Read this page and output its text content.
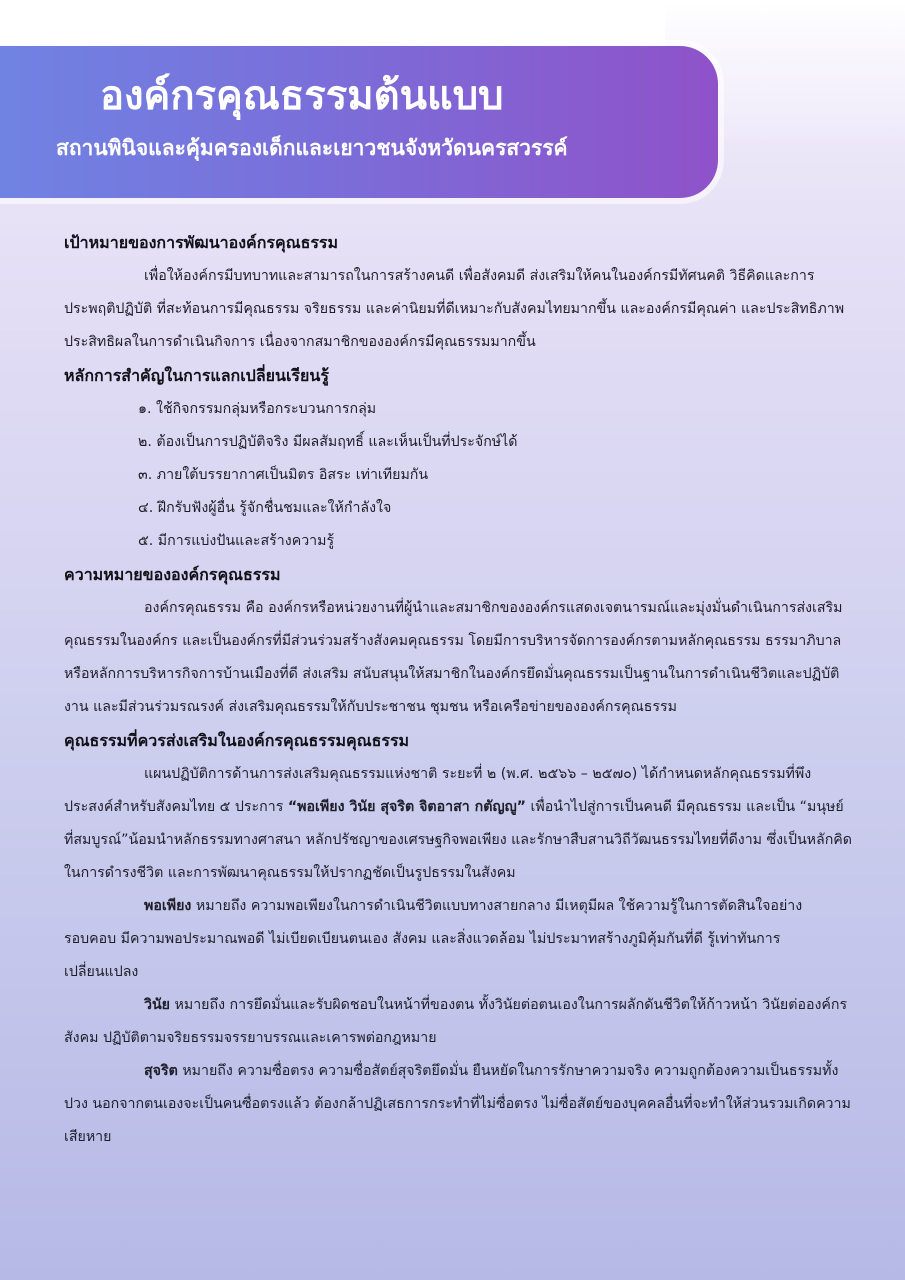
องค์กรคุณธรรมต้นแบบ
สถานพินิจและคุ้มครองเด็กและเยาวชนจังหวัดนครสวรรค์
เป้าหมายของการพัฒนาองค์กรคุณธรรม

เพื่อให้องค์กรมีบทบาทและสามารถในการสร้างคนดี เพื่อสังคมดี ส่งเสริมให้คนในองค์กรมีทัศนคติ วิธีคิดและการประพฤติปฏิบัติ ที่สะท้อนการมีคุณธรรม จริยธรรม และค่านิยมที่ดีเหมาะกับสังคมไทยมากขึ้น และองค์กรมีคุณค่า และประสิทธิภาพ ประสิทธิผลในการดำเนินกิจการ เนื่องจากสมาชิกขององค์กรมีคุณธรรมมากขึ้น

หลักการสำคัญในการแลกเปลี่ยนเรียนรู้
๑. ใช้กิจกรรมกลุ่มหรือกระบวนการกลุ่ม
๒. ต้องเป็นการปฏิบัติจริง มีผลสัมฤทธิ์ และเห็นเป็นที่ประจักษ์ได้
๓. ภายใต้บรรยากาศเป็นมิตร อิสระ เท่าเทียมกัน
๔. ฝึกรับฟังผู้อื่น รู้จักชื่นชมและให้กำลังใจ
๕. มีการแบ่งปันและสร้างความรู้
ความหมายขององค์กรคุณธรรม

องค์กรคุณธรรม คือ องค์กรหรือหน่วยงานที่ผู้นำและสมาชิกขององค์กรแสดงเจตนารมณ์และมุ่งมั่นดำเนินการส่งเสริมคุณธรรมในองค์กร และเป็นองค์กรที่มีส่วนร่วมสร้างสังคมคุณธรรม โดยมีการบริหารจัดการองค์กรตามหลักคุณธรรม ธรรมาภิบาล หรือหลักการบริหารกิจการบ้านเมืองที่ดี ส่งเสริม สนับสนุนให้สมาชิกในองค์กรยึดมั่นคุณธรรมเป็นฐานในการดำเนินชีวิตและปฏิบัติงาน และมีส่วนร่วมรณรงค์ ส่งเสริมคุณธรรมให้กับประชาชน ชุมชน หรือเครือข่ายขององค์กรคุณธรรม

คุณธรรมที่ควรส่งเสริมในองค์กรคุณธรรมคุณธรรม

แผนปฏิบัติการด้านการส่งเสริมคุณธรรมแห่งชาติ ระยะที่ ๒ (พ.ศ. ๒๕๖๖ – ๒๕๗๐) ได้กำหนดหลักคุณธรรมที่พึงประสงค์สำหรับสังคมไทย ๕ ประการ “พอเพียง วินัย สุจริต จิตอาสา กตัญญู” เพื่อนำไปสู่การเป็นคนดี มีคุณธรรม และเป็น “มนุษย์ ที่สมบูรณ์”น้อมนำหลักธรรมทางศาสนา หลักปรัชญาของเศรษฐกิจพอเพียง และรักษาสืบสานวิถีวัฒนธรรมไทยที่ดีงาม ซึ่งเป็นหลักคิดในการดำรงชีวิต และการพัฒนาคุณธรรมให้ปรากฏชัดเป็นรูปธรรมในสังคม

พอเพียง หมายถึง ความพอเพียงในการดำเนินชีวิตแบบทางสายกลาง มีเหตุมีผล ใช้ความรู้ในการตัดสินใจอย่างรอบคอบ มีความพอประมาณพอดี ไม่เบียดเบียนตนเอง สังคม และสิ่งแวดล้อม ไม่ประมาทสร้างภูมิคุ้มกันที่ดี รู้เท่าทันการเปลี่ยนแปลง

วินัย หมายถึง การยึดมั่นและรับผิดชอบในหน้าที่ของตน ทั้งวินัยต่อตนเองในการผลักดันชีวิตให้ก้าวหน้า วินัยต่อองค์กร สังคม ปฏิบัติตามจริยธรรมจรรยาบรรณและเคารพต่อกฎหมาย

สุจริต หมายถึง ความซื่อตรง ความซื่อสัตย์สุจริตยึดมั่น ยืนหยัดในการรักษาความจริง ความถูกต้องความเป็นธรรมทั้งปวง นอกจากตนเองจะเป็นคนซื่อตรงแล้ว ต้องกล้าปฏิเสธการกระทำที่ไม่ซื่อตรง ไม่ซื่อสัตย์ของบุคคลอื่นที่จะทำให้ส่วนรวมเกิดความเสียหาย
